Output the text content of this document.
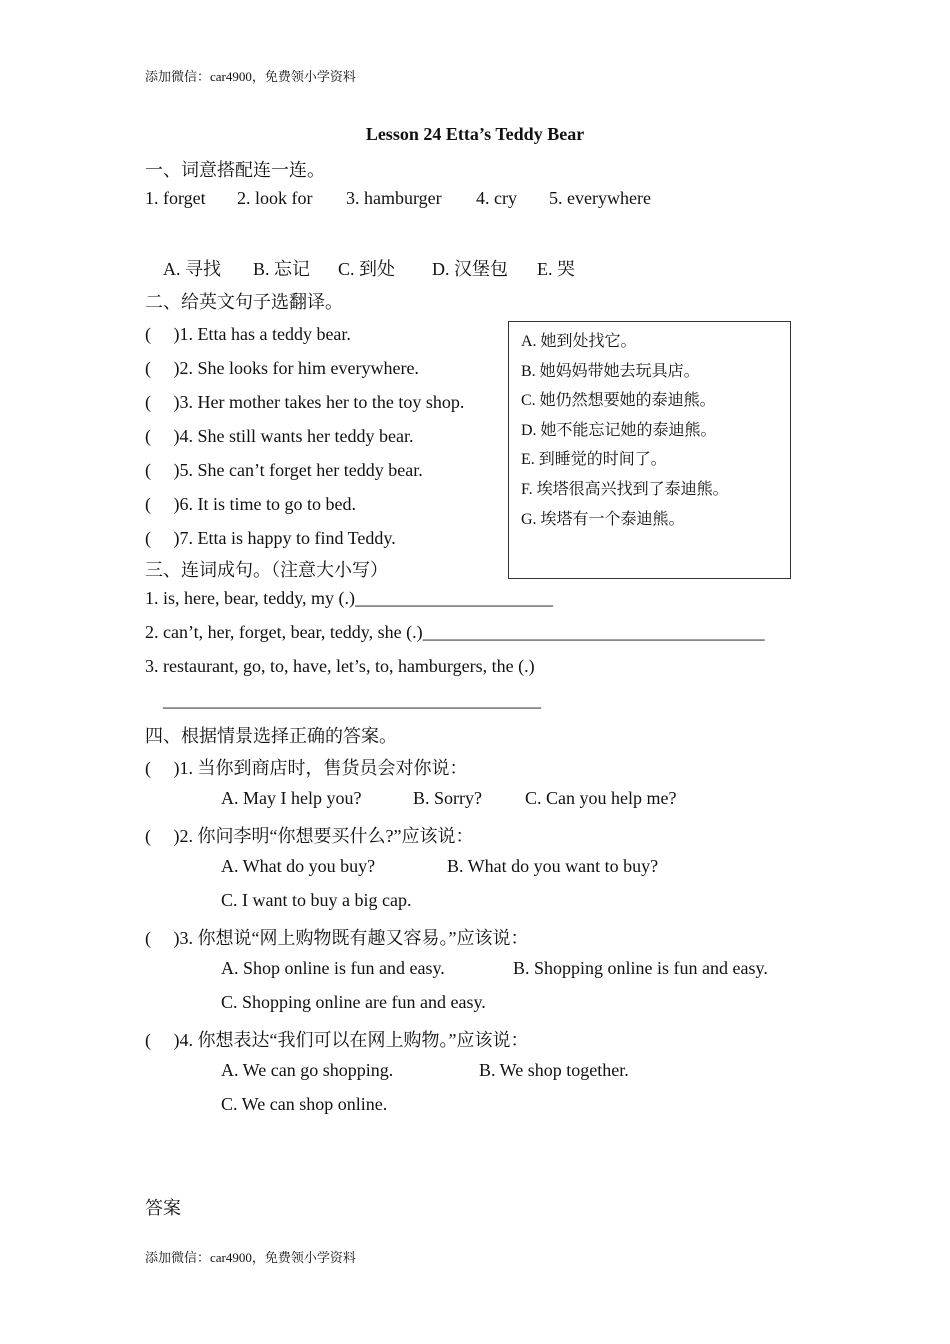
添加微信：car4900，免费领小学资料
Lesson 24 Etta’s Teddy Bear
一、词意搭配连一连。
1. forget 2. look for 3. hamburger 4. cry 5. everywhere
A. 寻找 B. 忘记 C. 到处 D. 汉堡包 E. 哭
二、给英文句子选翻译。
(　 )1. Etta has a teddy bear.
(　 )2. She looks for him everywhere.
(　 )3. Her mother takes her to the toy shop.
(　 )4. She still wants her teddy bear.
(　 )5. She can’t forget her teddy bear.
(　 )6. It is time to go to bed.
(　 )7. Etta is happy to find Teddy.
A. 她到处找它。
B. 她妈妈带她去玩具店。
C. 她仍然想要她的泰迪熊。
D. 她不能忘记她的泰迪熊。
E. 到睡觉的时间了。
F. 埃塔很高兴找到了泰迪熊。
G. 埃塔有一个泰迪熊。
三、连词成句。（注意大小写）
1. is, here, bear, teddy, my (.)______________________
2. can’t, her, forget, bear, teddy, she (.)______________________________________
3. restaurant, go, to, have, let’s, to, hamburgers, the (.)
__________________________________________
四、根据情景选择正确的答案。
(　 )1. 当你到商店时，售货员会对你说：
A. May I help you?	B. Sorry? C. Can you help me?
(　 )2. 你问李明“你想要买什么?”应该说：
A. What do you buy?	B. What do you want to buy?
C. I want to buy a big cap.
(　 )3. 你想说“网上购物既有趣又容易。”应该说：
A. Shop online is fun and easy.	B. Shopping online is fun and easy.
C. Shopping online are fun and easy.
(　 )4. 你想表达“我们可以在网上购物。”应该说：
A. We can go shopping.	B. We shop together.
C. We can shop online.
答案
添加微信：car4900，免费领小学资料
